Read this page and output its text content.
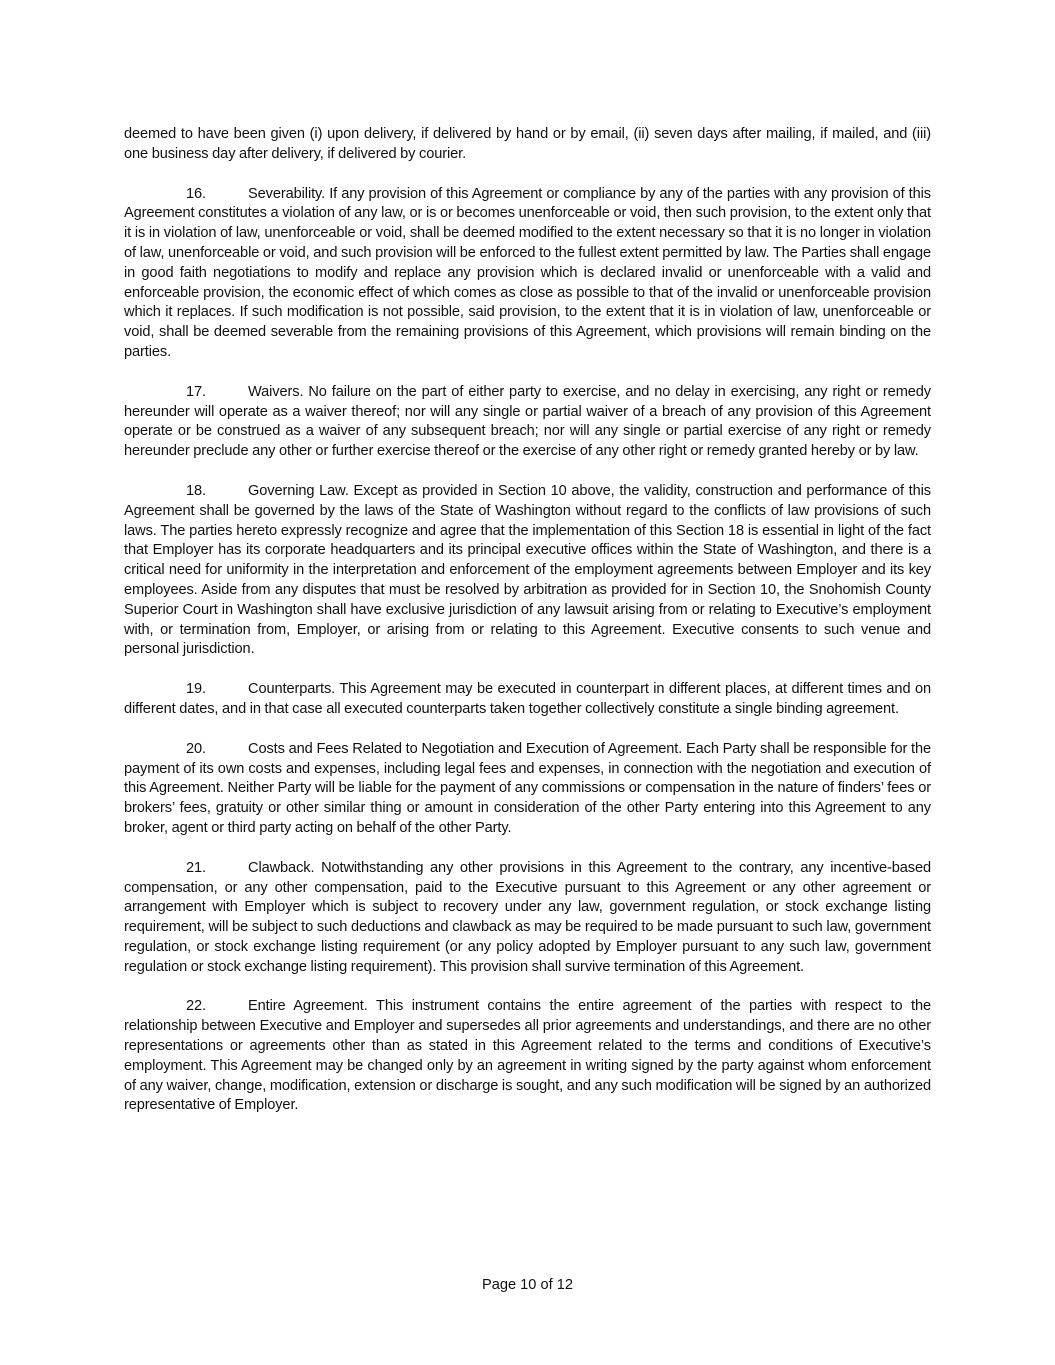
deemed to have been given (i) upon delivery, if delivered by hand or by email, (ii) seven days after mailing, if mailed, and (iii) one business day after delivery, if delivered by courier.

16.	Severability. If any provision of this Agreement or compliance by any of the parties with any provision of this Agreement constitutes a violation of any law, or is or becomes unenforceable or void, then such provision, to the extent only that it is in violation of law, unenforceable or void, shall be deemed modified to the extent necessary so that it is no longer in violation of law, unenforceable or void, and such provision will be enforced to the fullest extent permitted by law. The Parties shall engage in good faith negotiations to modify and replace any provision which is declared invalid or unenforceable with a valid and enforceable provision, the economic effect of which comes as close as possible to that of the invalid or unenforceable provision which it replaces. If such modification is not possible, said provision, to the extent that it is in violation of law, unenforceable or void, shall be deemed severable from the remaining provisions of this Agreement, which provisions will remain binding on the parties.

17.	Waivers. No failure on the part of either party to exercise, and no delay in exercising, any right or remedy hereunder will operate as a waiver thereof; nor will any single or partial waiver of a breach of any provision of this Agreement operate or be construed as a waiver of any subsequent breach; nor will any single or partial exercise of any right or remedy hereunder preclude any other or further exercise thereof or the exercise of any other right or remedy granted hereby or by law.

18.	Governing Law. Except as provided in Section 10 above, the validity, construction and performance of this Agreement shall be governed by the laws of the State of Washington without regard to the conflicts of law provisions of such laws. The parties hereto expressly recognize and agree that the implementation of this Section 18 is essential in light of the fact that Employer has its corporate headquarters and its principal executive offices within the State of Washington, and there is a critical need for uniformity in the interpretation and enforcement of the employment agreements between Employer and its key employees. Aside from any disputes that must be resolved by arbitration as provided for in Section 10, the Snohomish County Superior Court in Washington shall have exclusive jurisdiction of any lawsuit arising from or relating to Executive’s employment with, or termination from, Employer, or arising from or relating to this Agreement. Executive consents to such venue and personal jurisdiction.

19.	Counterparts. This Agreement may be executed in counterpart in different places, at different times and on different dates, and in that case all executed counterparts taken together collectively constitute a single binding agreement.

20.	Costs and Fees Related to Negotiation and Execution of Agreement. Each Party shall be responsible for the payment of its own costs and expenses, including legal fees and expenses, in connection with the negotiation and execution of this Agreement. Neither Party will be liable for the payment of any commissions or compensation in the nature of finders’ fees or brokers’ fees, gratuity or other similar thing or amount in consideration of the other Party entering into this Agreement to any broker, agent or third party acting on behalf of the other Party.

21.	Clawback. Notwithstanding any other provisions in this Agreement to the contrary, any incentive-based compensation, or any other compensation, paid to the Executive pursuant to this Agreement or any other agreement or arrangement with Employer which is subject to recovery under any law, government regulation, or stock exchange listing requirement, will be subject to such deductions and clawback as may be required to be made pursuant to such law, government regulation, or stock exchange listing requirement (or any policy adopted by Employer pursuant to any such law, government regulation or stock exchange listing requirement). This provision shall survive termination of this Agreement.

22.	Entire Agreement. This instrument contains the entire agreement of the parties with respect to the relationship between Executive and Employer and supersedes all prior agreements and understandings, and there are no other representations or agreements other than as stated in this Agreement related to the terms and conditions of Executive’s employment. This Agreement may be changed only by an agreement in writing signed by the party against whom enforcement of any waiver, change, modification, extension or discharge is sought, and any such modification will be signed by an authorized representative of Employer.

Page 10 of 12
